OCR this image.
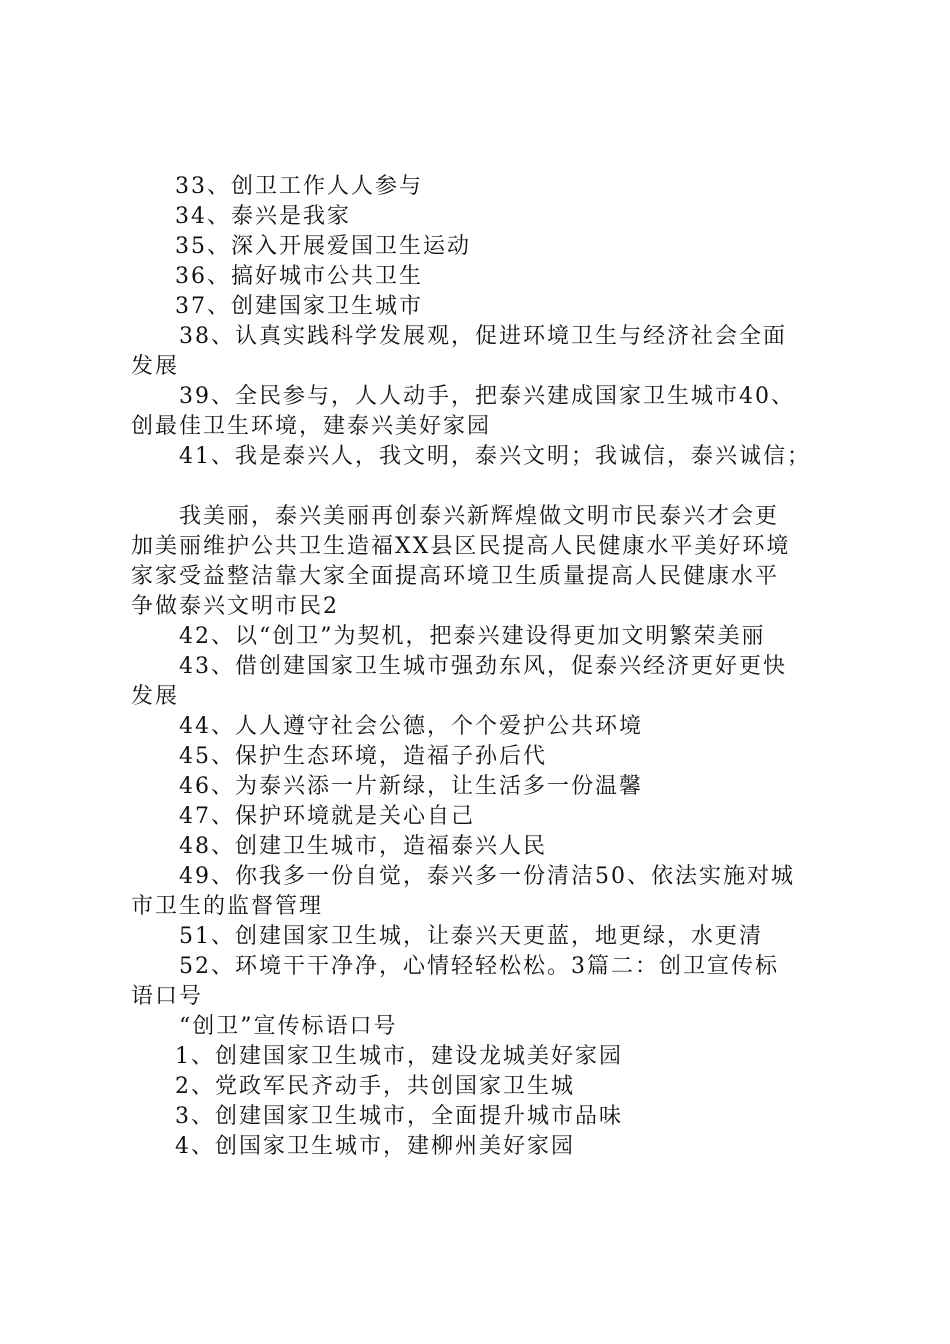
33、创卫工作人人参与
34、泰兴是我家
35、深入开展爱国卫生运动
36、搞好城市公共卫生
37、创建国家卫生城市
38、认真实践科学发展观，促进环境卫生与经济社会全面
发展
39、全民参与，人人动手，把泰兴建成国家卫生城市40、
创最佳卫生环境，建泰兴美好家园
41、我是泰兴人，我文明，泰兴文明；我诚信，泰兴诚信；
我美丽，泰兴美丽再创泰兴新辉煌做文明市民泰兴才会更
加美丽维护公共卫生造福XX县区民提高人民健康水平美好环境
家家受益整洁靠大家全面提高环境卫生质量提高人民健康水平
争做泰兴文明市民2
42、以“创卫”为契机，把泰兴建设得更加文明繁荣美丽
43、借创建国家卫生城市强劲东风，促泰兴经济更好更快
发展
44、人人遵守社会公德，个个爱护公共环境
45、保护生态环境，造福子孙后代
46、为泰兴添一片新绿，让生活多一份温馨
47、保护环境就是关心自己
48、创建卫生城市，造福泰兴人民
49、你我多一份自觉，泰兴多一份清洁50、依法实施对城
市卫生的监督管理
51、创建国家卫生城，让泰兴天更蓝，地更绿，水更清
52、环境干干净净，心情轻轻松松。3篇二：创卫宣传标
语口号
“创卫”宣传标语口号
1、创建国家卫生城市，建设龙城美好家园
2、党政军民齐动手，共创国家卫生城
3、创建国家卫生城市，全面提升城市品味
4、创国家卫生城市，建柳州美好家园
